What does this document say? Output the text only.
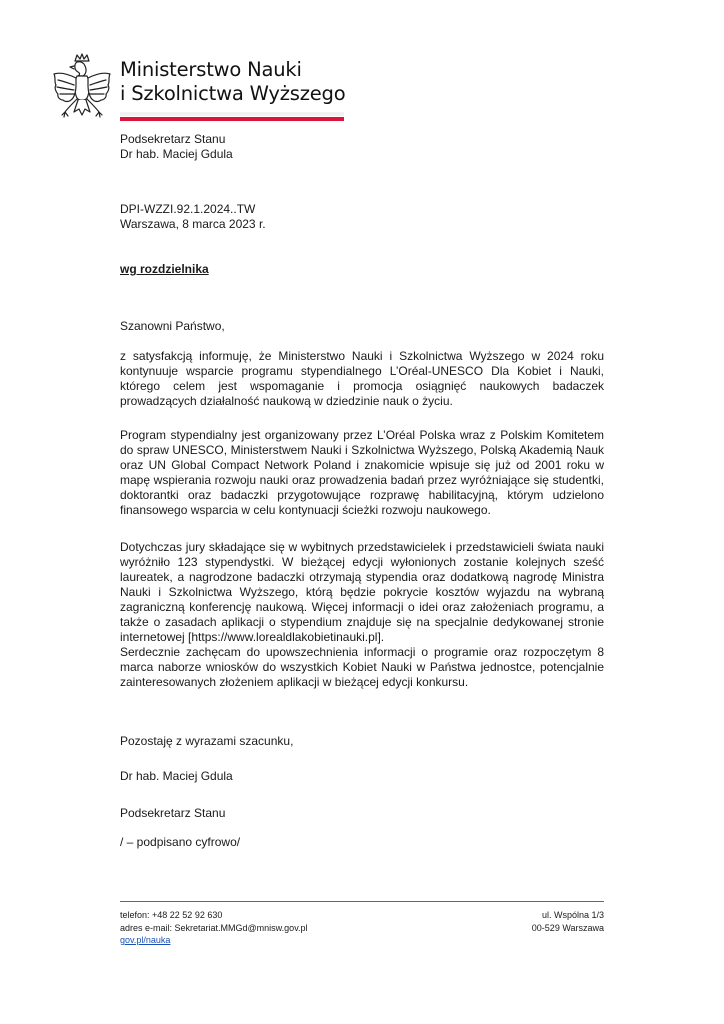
Ministerstwo Nauki
i Szkolnictwa Wyższego
Podsekretarz Stanu
Dr hab. Maciej Gdula
DPI-WZZI.92.1.2024..TW
Warszawa, 8 marca 2023 r.
wg rozdzielnika
Szanowni Państwo,
z satysfakcją informuję, że Ministerstwo Nauki i Szkolnictwa Wyższego w 2024 roku kontynuuje wsparcie programu stypendialnego L’Oréal-UNESCO Dla Kobiet i Nauki, którego celem jest wspomaganie i promocja osiągnięć naukowych badaczek prowadzących działalność naukową w dziedzinie nauk o życiu.
Program stypendialny jest organizowany przez L’Oréal Polska wraz z Polskim Komitetem do spraw UNESCO, Ministerstwem Nauki i Szkolnictwa Wyższego, Polską Akademią Nauk oraz UN Global Compact Network Poland i znakomicie wpisuje się już od 2001 roku w mapę wspierania rozwoju nauki oraz prowadzenia badań przez wyróżniające się studentki, doktorantki oraz badaczki przygotowujące rozprawę habilitacyjną, którym udzielono finansowego wsparcia w celu kontynuacji ścieżki rozwoju naukowego.
Dotychczas jury składające się w wybitnych przedstawicielek i przedstawicieli świata nauki wyróżniło 123 stypendystki. W bieżącej edycji wyłonionych zostanie kolejnych sześć laureatek, a nagrodzone badaczki otrzymają stypendia oraz dodatkową nagrodę Ministra Nauki i Szkolnictwa Wyższego, którą będzie pokrycie kosztów wyjazdu na wybraną zagraniczną konferencję naukową. Więcej informacji o idei oraz założeniach programu, a także o zasadach aplikacji o stypendium znajduje się na specjalnie dedykowanej stronie internetowej [https://www.lorealdlakobietinauki.pl].
Serdecznie zachęcam do upowszechnienia informacji o programie oraz rozpoczętym 8 marca naborze wniosków do wszystkich Kobiet Nauki w Państwa jednostce, potencjalnie zainteresowanych złożeniem aplikacji w bieżącej edycji konkursu.
Pozostaję z wyrazami szacunku,
Dr hab. Maciej Gdula
Podsekretarz Stanu
/ – podpisano cyfrowo/
telefon: +48 22 52 92 630
adres e-mail: Sekretariat.MMGd@mnisw.gov.pl
gov.pl/nauka
ul. Wspólna 1/3
00-529 Warszawa
